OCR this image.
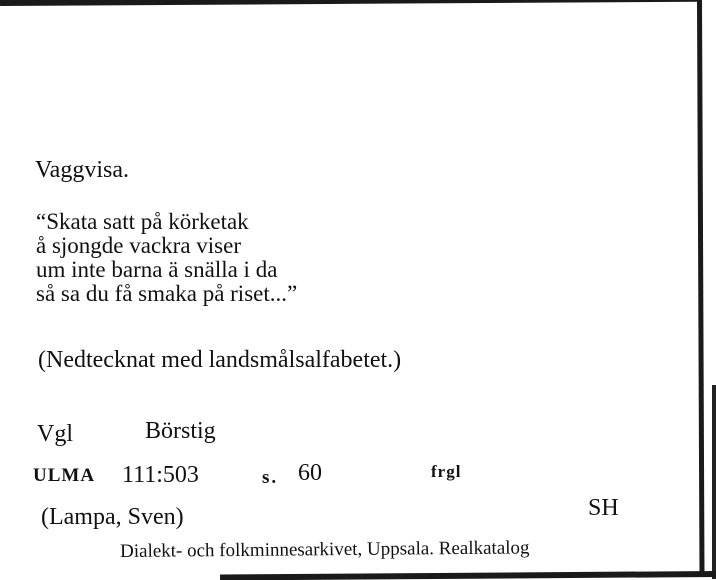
Vaggvisa.
“Skata satt på körketak
å sjongde vackra viser
um inte barna ä snälla i da
så sa du få smaka på riset...”
(Nedtecknat med landsmålsalfabetet.)
Vgl	Börstig
ULMA 111:503	s. 60	frgl
(Lampa, Sven)	SH
Dialekt- och folkminnesarkivet, Uppsala. Realkatalog
